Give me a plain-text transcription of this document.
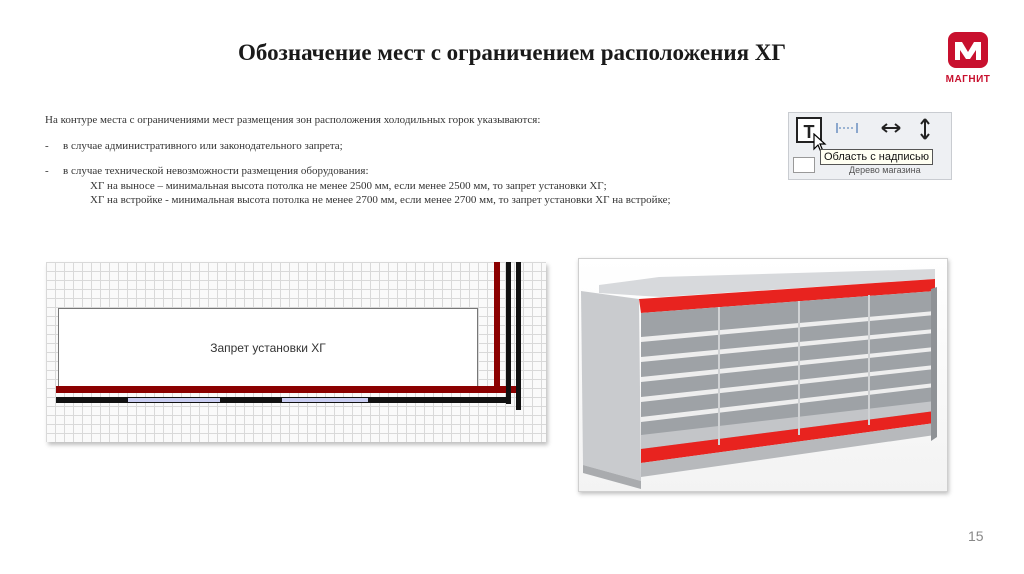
Обозначение мест с ограничением расположения ХГ
МАГНИТ

На контуре места с ограничениями мест размещения зон расположения холодильных горок указываются:

-	в случае административного или законодательного запрета;
-	в случае технической невозможности размещения оборудования:

ХГ на выносе – минимальная высота потолка не менее 2500 мм, если менее 2500 мм, то запрет установки ХГ;

ХГ на встройке - минимальная высота потолка не менее 2700 мм, если менее 2700 мм, то запрет установки ХГ на встройке;

T
Дерево магазина
Область с надписью
Запрет установки ХГ
15
